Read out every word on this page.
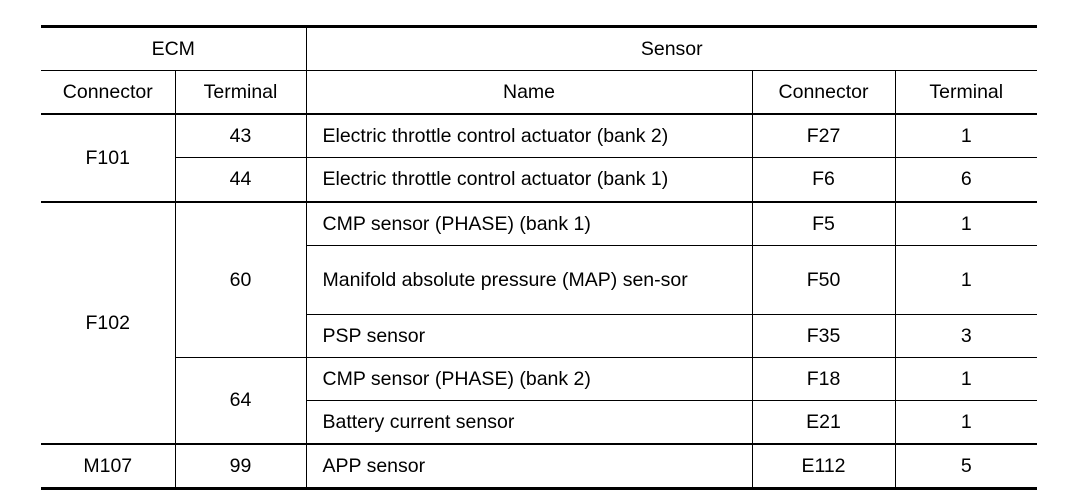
ECM		Sensor		
Connector	Terminal	Name	Connector	Terminal
F101	43	Electric throttle control actuator (bank 2)	F27	1
	44	Electric throttle control actuator (bank 1)	F6	6
F102	60	CMP sensor (PHASE) (bank 1)	F5	1
		Manifold absolute pressure (MAP) sen-sor	F50	1
		PSP sensor	F35	3
	64	CMP sensor (PHASE) (bank 2)	F18	1
		Battery current sensor	E21	1
M107	99	APP sensor	E112	5
